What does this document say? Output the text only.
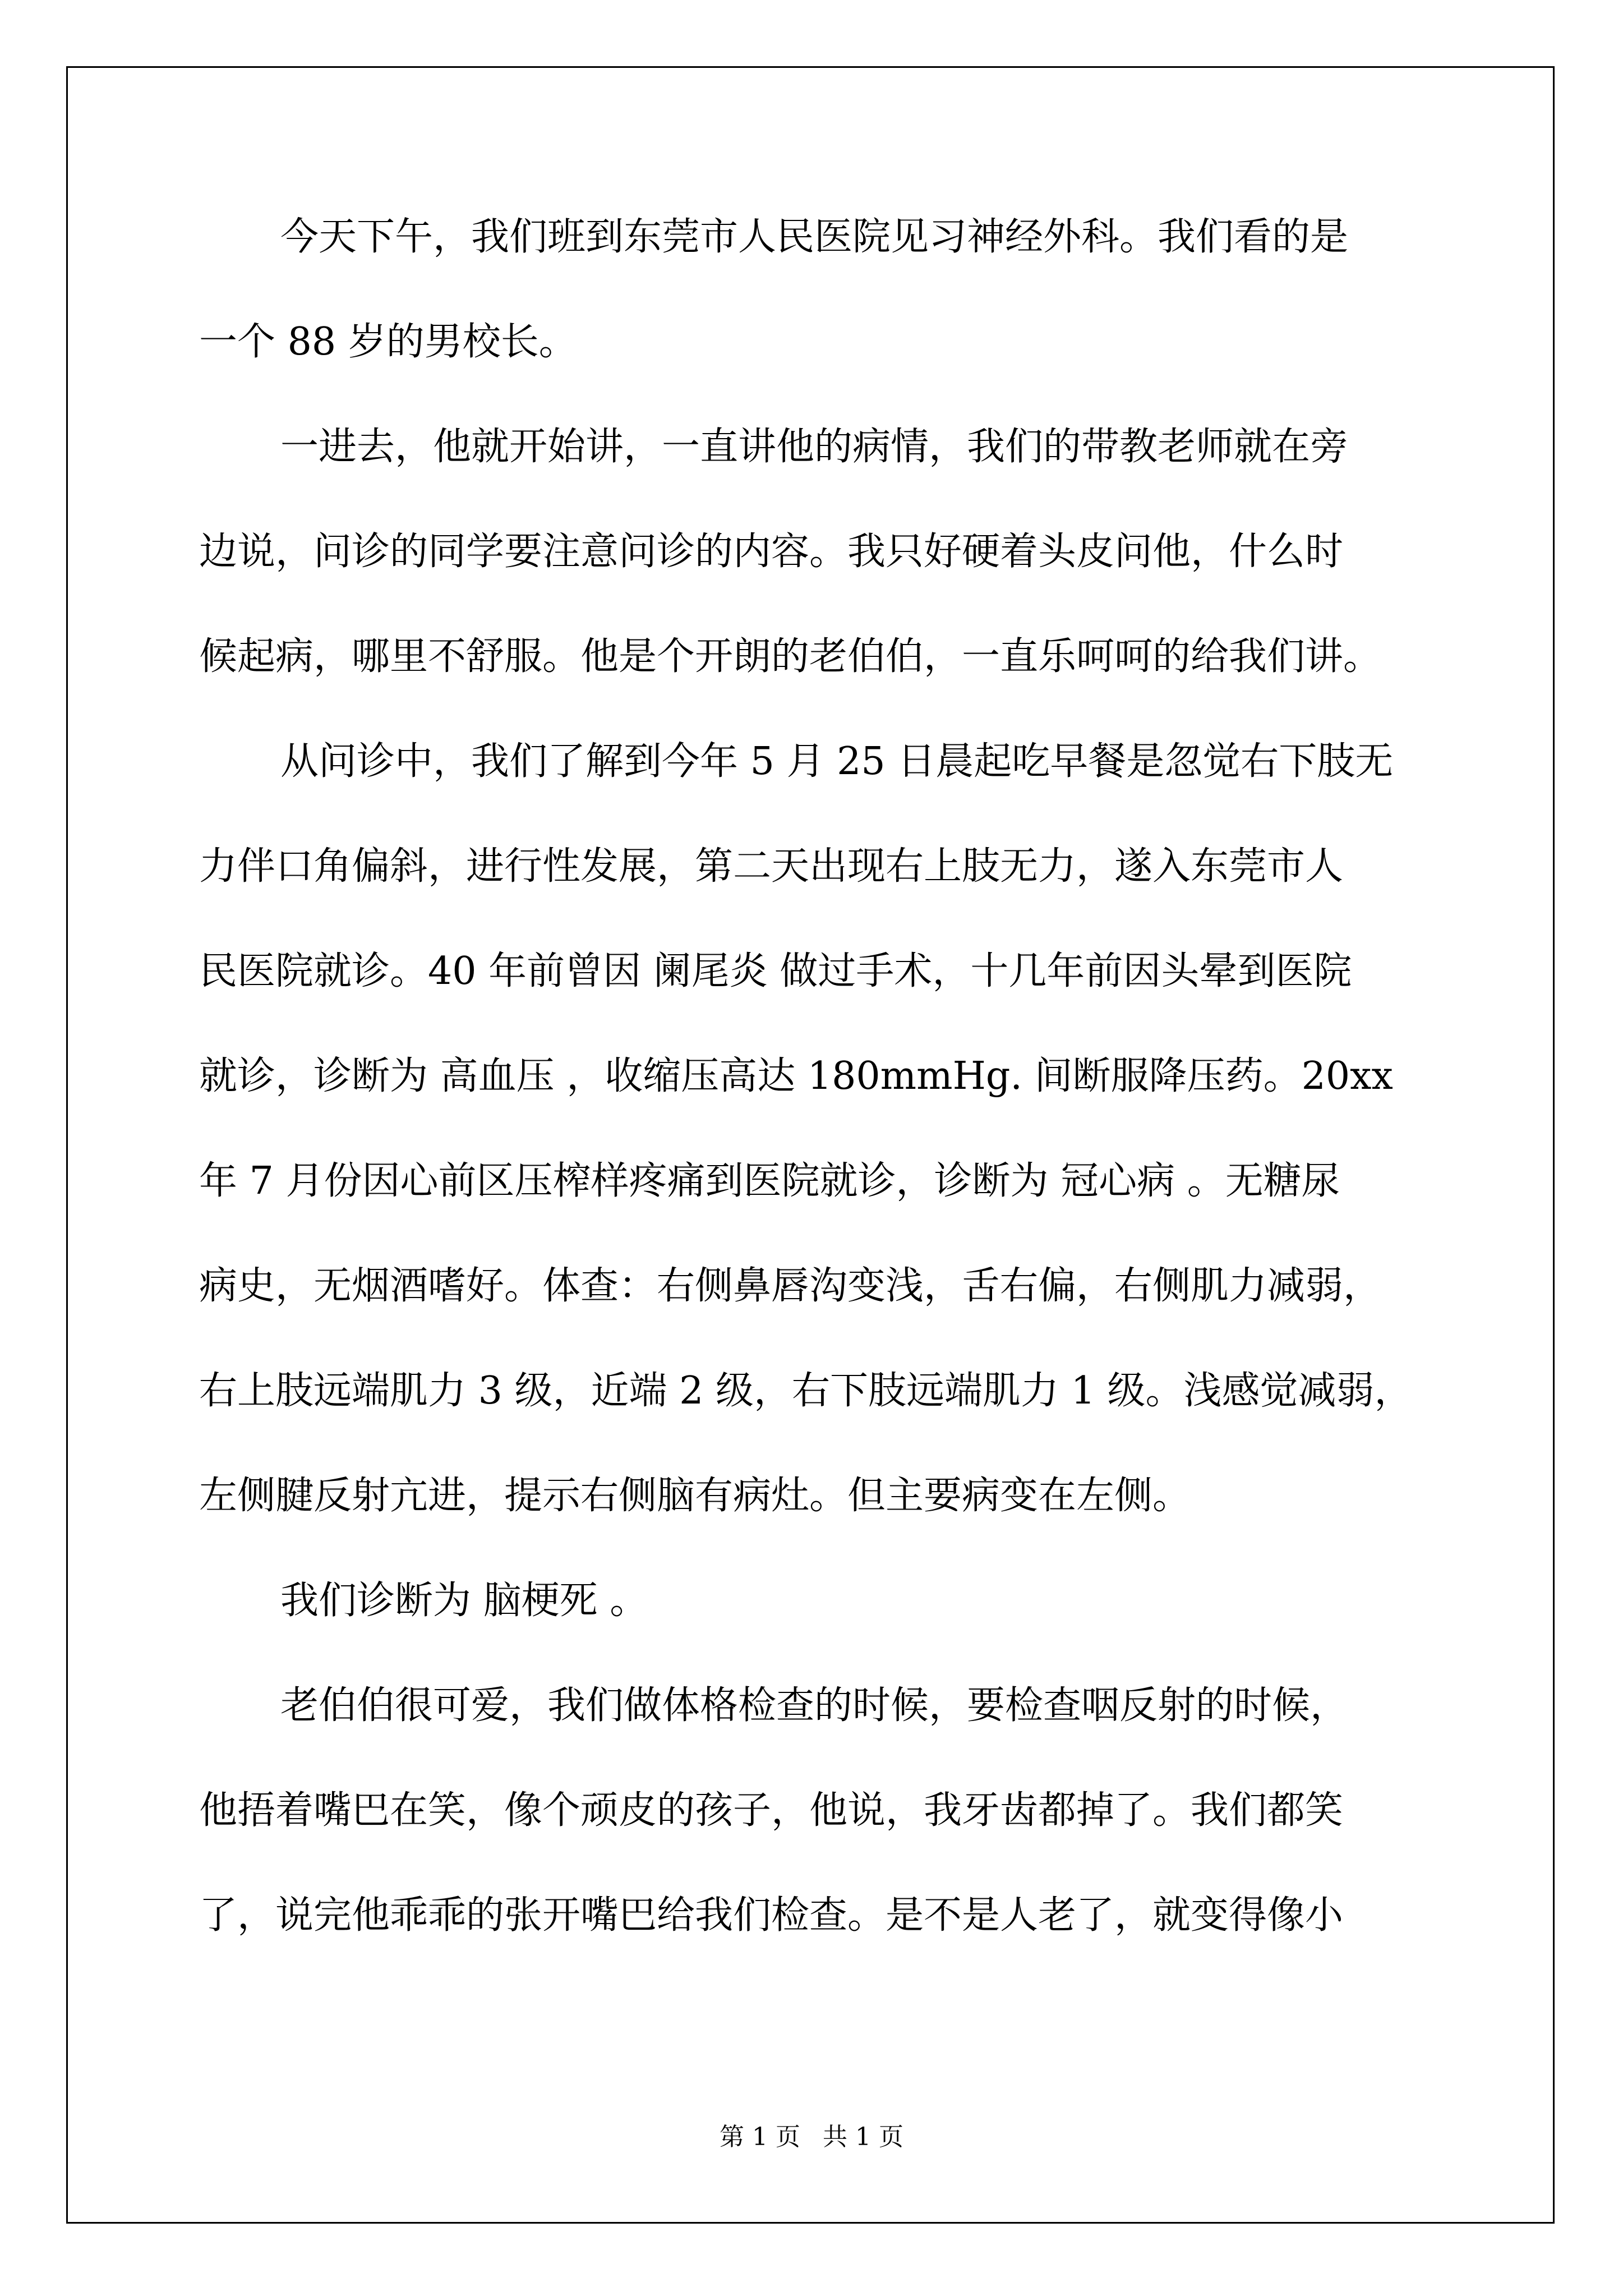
今天下午，我们班到东莞市人民医院见习神经外科。我们看的是
一个 88 岁的男校长。
一进去，他就开始讲，一直讲他的病情，我们的带教老师就在旁
边说，问诊的同学要注意问诊的内容。我只好硬着头皮问他，什么时
候起病，哪里不舒服。他是个开朗的老伯伯，一直乐呵呵的给我们讲。
从问诊中，我们了解到今年 5 月 25 日晨起吃早餐是忽觉右下肢无
力伴口角偏斜，进行性发展，第二天出现右上肢无力，遂入东莞市人
民医院就诊。40 年前曾因 阑尾炎 做过手术，十几年前因头晕到医院
就诊，诊断为 高血压 ，收缩压高达 180mmHg. 间断服降压药。20xx
年 7 月份因心前区压榨样疼痛到医院就诊，诊断为 冠心病 。无糖尿
病史，无烟酒嗜好。体查：右侧鼻唇沟变浅，舌右偏，右侧肌力减弱，
右上肢远端肌力 3 级，近端 2 级，右下肢远端肌力 1 级。浅感觉减弱，
左侧腱反射亢进，提示右侧脑有病灶。但主要病变在左侧。
我们诊断为 脑梗死 。
老伯伯很可爱，我们做体格检查的时候，要检查咽反射的时候，
他捂着嘴巴在笑，像个顽皮的孩子，他说，我牙齿都掉了。我们都笑
了，说完他乖乖的张开嘴巴给我们检查。是不是人老了，就变得像小
第 1 页 共 1 页
